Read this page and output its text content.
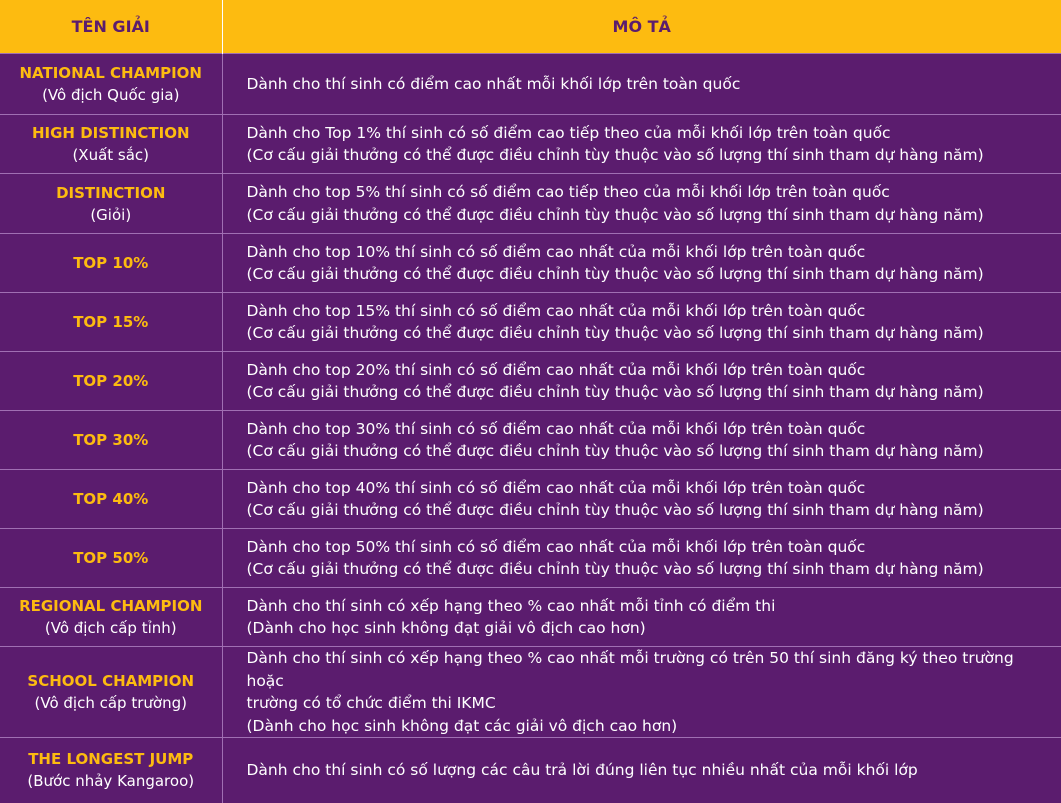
TÊN GIẢI	MÔ TẢ

NATIONAL CHAMPION
(Vô địch Quốc gia)	Dành cho thí sinh có điểm cao nhất mỗi khối lớp trên toàn quốc

HIGH DISTINCTION
(Xuất sắc)	Dành cho Top 1% thí sinh có số điểm cao tiếp theo của mỗi khối lớp trên toàn quốc
(Cơ cấu giải thưởng có thể được điều chỉnh tùy thuộc vào số lượng thí sinh tham dự hàng năm)

DISTINCTION
(Giỏi)	Dành cho top 5% thí sinh có số điểm cao tiếp theo của mỗi khối lớp trên toàn quốc
(Cơ cấu giải thưởng có thể được điều chỉnh tùy thuộc vào số lượng thí sinh tham dự hàng năm)

TOP 10%	Dành cho top 10% thí sinh có số điểm cao nhất của mỗi khối lớp trên toàn quốc
(Cơ cấu giải thưởng có thể được điều chỉnh tùy thuộc vào số lượng thí sinh tham dự hàng năm)

TOP 15%	Dành cho top 15% thí sinh có số điểm cao nhất của mỗi khối lớp trên toàn quốc
(Cơ cấu giải thưởng có thể được điều chỉnh tùy thuộc vào số lượng thí sinh tham dự hàng năm)

TOP 20%	Dành cho top 20% thí sinh có số điểm cao nhất của mỗi khối lớp trên toàn quốc
(Cơ cấu giải thưởng có thể được điều chỉnh tùy thuộc vào số lượng thí sinh tham dự hàng năm)

TOP 30%	Dành cho top 30% thí sinh có số điểm cao nhất của mỗi khối lớp trên toàn quốc
(Cơ cấu giải thưởng có thể được điều chỉnh tùy thuộc vào số lượng thí sinh tham dự hàng năm)

TOP 40%	Dành cho top 40% thí sinh có số điểm cao nhất của mỗi khối lớp trên toàn quốc
(Cơ cấu giải thưởng có thể được điều chỉnh tùy thuộc vào số lượng thí sinh tham dự hàng năm)

TOP 50%	Dành cho top 50% thí sinh có số điểm cao nhất của mỗi khối lớp trên toàn quốc
(Cơ cấu giải thưởng có thể được điều chỉnh tùy thuộc vào số lượng thí sinh tham dự hàng năm)

REGIONAL CHAMPION
(Vô địch cấp tỉnh)	Dành cho thí sinh có xếp hạng theo % cao nhất mỗi tỉnh có điểm thi
(Dành cho học sinh không đạt giải vô địch cao hơn)

SCHOOL CHAMPION
(Vô địch cấp trường)	Dành cho thí sinh có xếp hạng theo % cao nhất mỗi trường có trên 50 thí sinh đăng ký theo trường hoặc
trường có tổ chức điểm thi IKMC
(Dành cho học sinh không đạt các giải vô địch cao hơn)

THE LONGEST JUMP
(Bước nhảy Kangaroo)	Dành cho thí sinh có số lượng các câu trả lời đúng liên tục nhiều nhất của mỗi khối lớp
